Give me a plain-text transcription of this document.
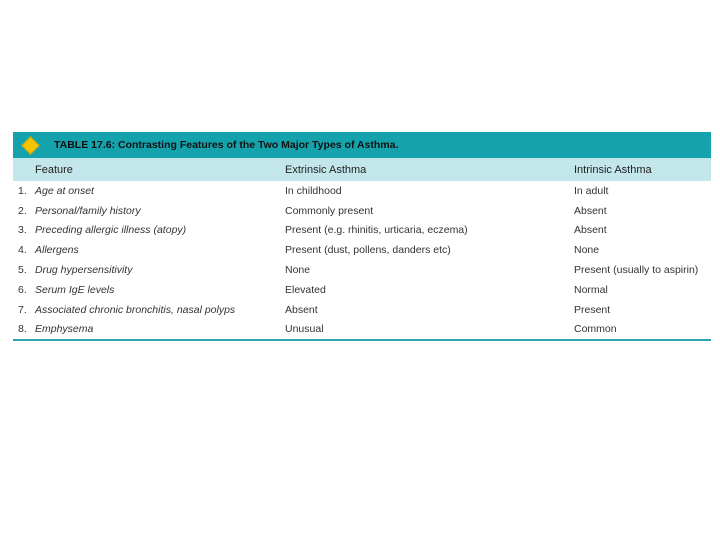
TABLE 17.6: Contrasting Features of the Two Major Types of Asthma.
Feature	Extrinsic Asthma	Intrinsic Asthma
1. Age at onset	In childhood	In adult
2. Personal/family history	Commonly present	Absent
3. Preceding allergic illness (atopy)	Present (e.g. rhinitis, urticaria, eczema)	Absent
4. Allergens	Present (dust, pollens, danders etc)	None
5. Drug hypersensitivity	None	Present (usually to aspirin)
6. Serum IgE levels	Elevated	Normal
7. Associated chronic bronchitis, nasal polyps	Absent	Present
8. Emphysema	Unusual	Common
